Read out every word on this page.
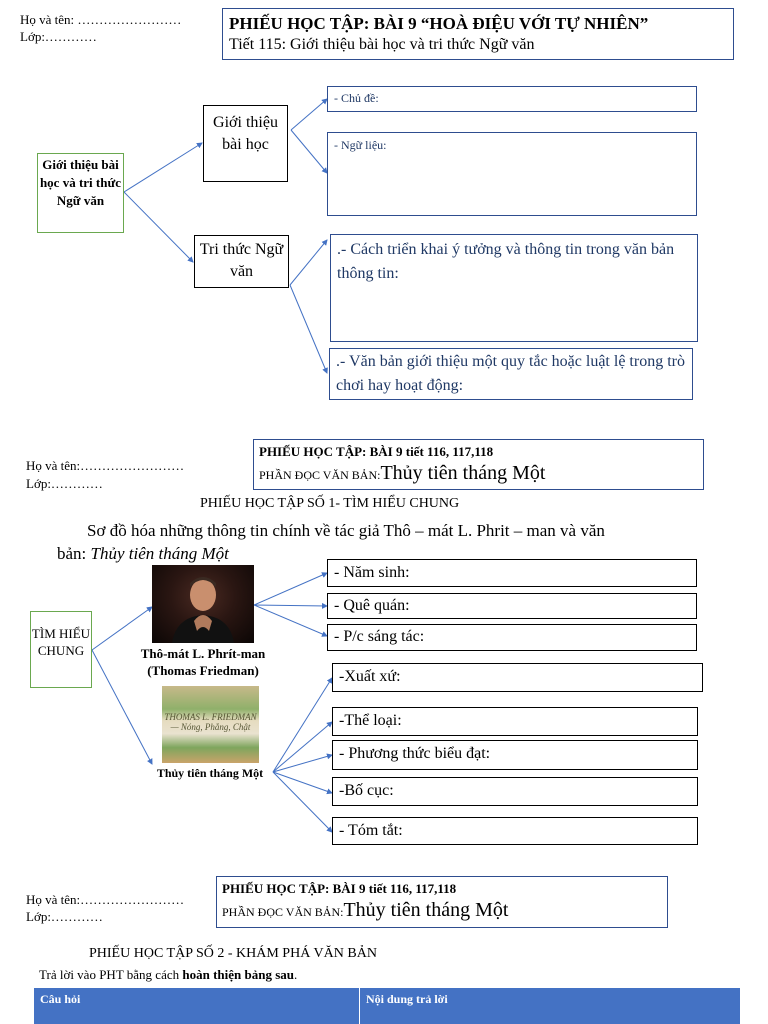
Họ và tên: ……………………
Lớp:…………
PHIẾU HỌC TẬP: BÀI 9 “HOÀ ĐIỆU VỚI TỰ NHIÊN”
Tiết 115: Giới thiệu bài học và tri thức Ngữ văn
Giới thiệu bài học và tri thức Ngữ văn
Giới thiệu bài học
Tri thức Ngữ văn
- Chủ đề:
- Ngữ liệu:
.- Cách triển khai ý tưởng và thông tin trong văn bản thông tin:
.- Văn bản giới thiệu một quy tắc hoặc luật lệ trong trò chơi hay hoạt động:
Họ và tên:……………………
Lớp:…………
PHIẾU HỌC TẬP: BÀI 9 tiết 116, 117,118
PHẦN ĐỌC VĂN BẢN:Thủy tiên tháng Một
PHIẾU HỌC TẬP SỐ 1- TÌM HIỂU CHUNG
Sơ đồ hóa những thông tin chính về tác giả Thô – mát L. Phrit – man và văn
bản: Thủy tiên tháng Một
TÌM HIỂU CHUNG	Thô-mát L. Phrít-man (Thomas Friedman)
THOMAS L. FRIEDMAN — Nóng, Phẳng, Chật
Thủy tiên tháng Một
- Năm sinh:
- Quê quán:
- P/c sáng tác:
-Xuất xứ:
-Thể loại:
- Phương thức biểu đạt:
-Bố cục:
- Tóm tắt:
Họ và tên:……………………
Lớp:…………
PHIẾU HỌC TẬP: BÀI 9 tiết 116, 117,118
PHẦN ĐỌC VĂN BẢN:Thủy tiên tháng Một
PHIẾU HỌC TẬP SỐ 2 - KHÁM PHÁ VĂN BẢN
Trả lời vào PHT bằng cách hoàn thiện bảng sau.
Câu hỏi	Nội dung trả lời
